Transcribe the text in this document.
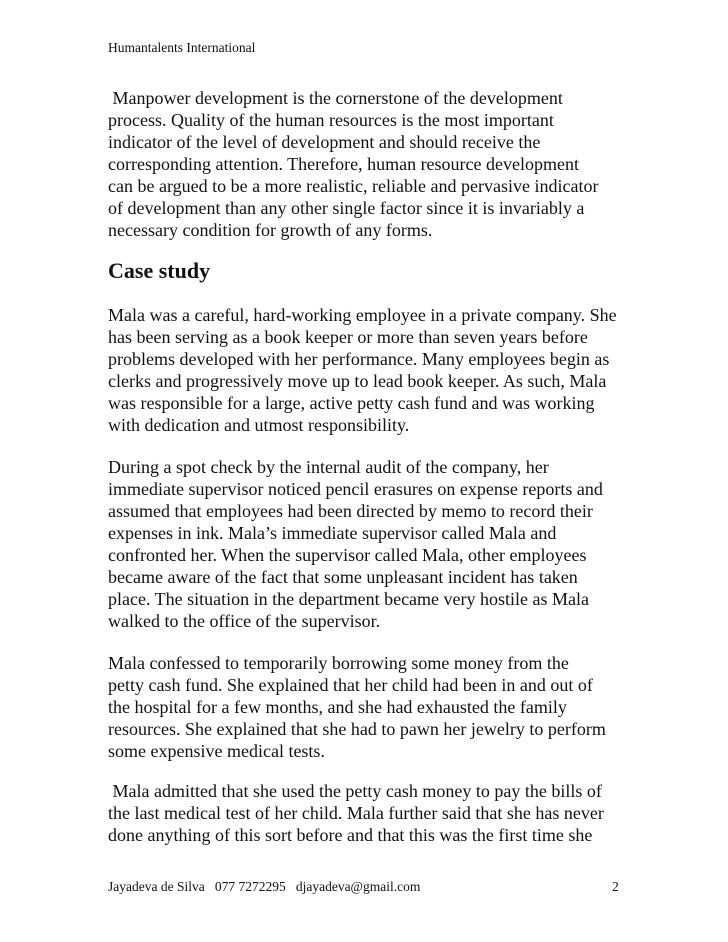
Humantalents International
Manpower development is the cornerstone of the development
process. Quality of the human resources is the most important
indicator of the level of development and should receive the
corresponding attention. Therefore, human resource development
can be argued to be a more realistic, reliable and pervasive indicator
of development than any other single factor since it is invariably a
necessary condition for growth of any forms.
Case study
Mala was a careful, hard-working employee in a private company. She
has been serving as a book keeper or more than seven years before
problems developed with her performance. Many employees begin as
clerks and progressively move up to lead book keeper. As such, Mala
was responsible for a large, active petty cash fund and was working
with dedication and utmost responsibility.
During a spot check by the internal audit of the company, her
immediate supervisor noticed pencil erasures on expense reports and
assumed that employees had been directed by memo to record their
expenses in ink. Mala’s immediate supervisor called Mala and
confronted her. When the supervisor called Mala, other employees
became aware of the fact that some unpleasant incident has taken
place. The situation in the department became very hostile as Mala
walked to the office of the supervisor.
Mala confessed to temporarily borrowing some money from the
petty cash fund. She explained that her child had been in and out of
the hospital for a few months, and she had exhausted the family
resources. She explained that she had to pawn her jewelry to perform
some expensive medical tests.
Mala admitted that she used the petty cash money to pay the bills of
the last medical test of her child. Mala further said that she has never
done anything of this sort before and that this was the first time she
Jayadeva de Silva   077 7272295   djayadeva@gmail.com	2
